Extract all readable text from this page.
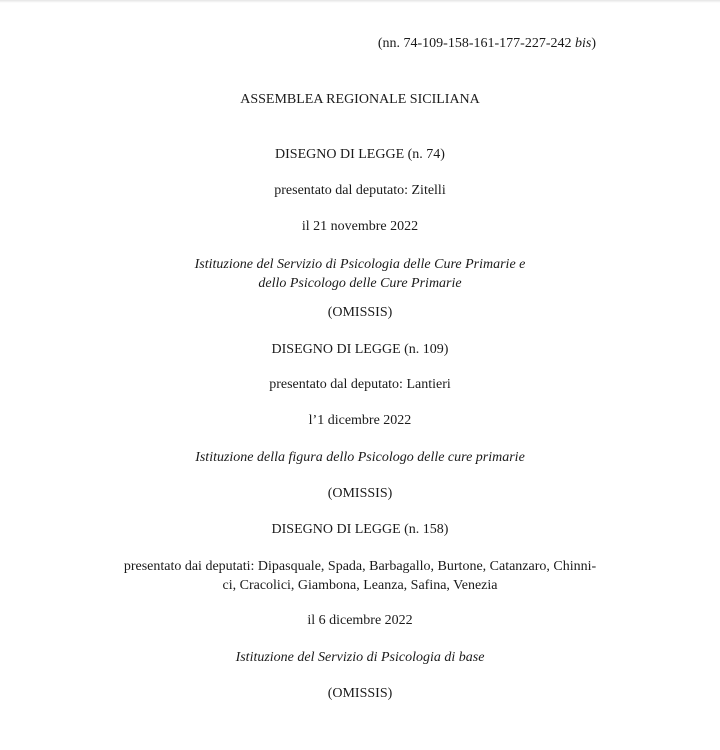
(nn. 74-109-158-161-177-227-242 bis)
ASSEMBLEA REGIONALE SICILIANA
DISEGNO DI LEGGE (n. 74)
presentato dal deputato: Zitelli
il 21 novembre 2022
Istituzione del Servizio di Psicologia delle Cure Primarie e
dello Psicologo delle Cure Primarie
(OMISSIS)
DISEGNO DI LEGGE (n. 109)
presentato dal deputato: Lantieri
l’1 dicembre 2022
Istituzione della figura dello Psicologo delle cure primarie
(OMISSIS)
DISEGNO DI LEGGE (n. 158)
presentato dai deputati: Dipasquale, Spada, Barbagallo, Burtone, Catanzaro, Chinni-
ci, Cracolici, Giambona, Leanza, Safina, Venezia
il 6 dicembre 2022
Istituzione del Servizio di Psicologia di base
(OMISSIS)
